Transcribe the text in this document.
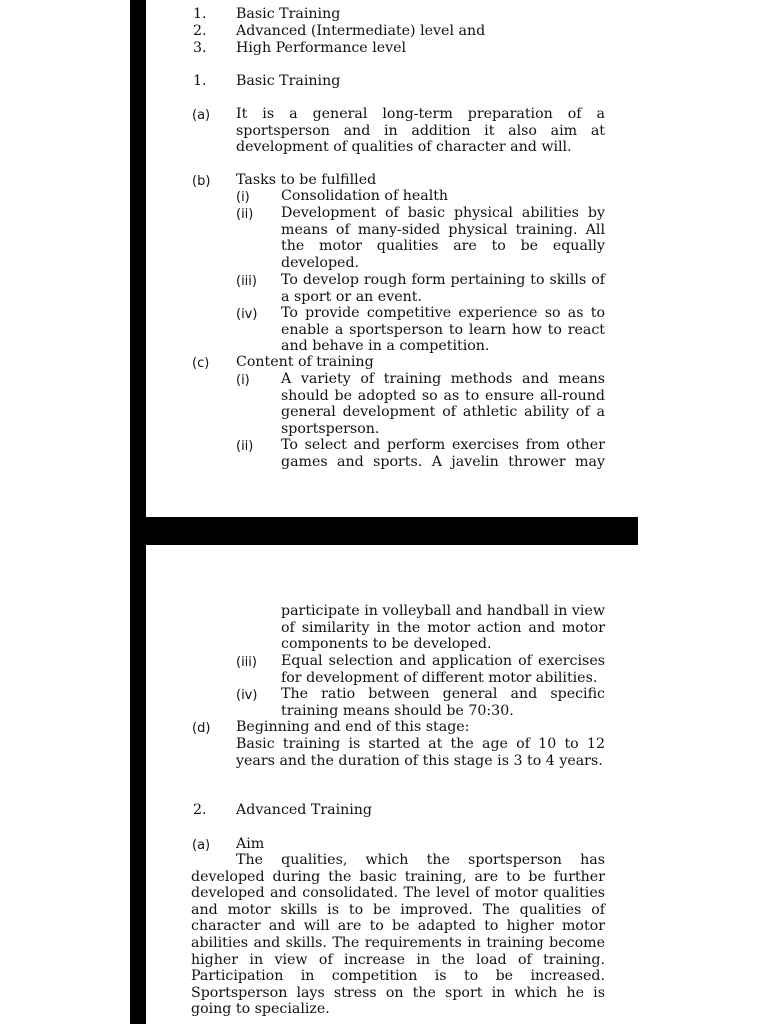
1. Basic Training
2. Advanced (Intermediate) level and
3. High Performance level
1. Basic Training
(a) It is a general long-term preparation of a sportsperson and in addition it also aim at development of qualities of character and will.
(b) Tasks to be fulfilled
(i) Consolidation of health
(ii) Development of basic physical abilities by means of many-sided physical training. All the motor qualities are to be equally developed.
(iii) To develop rough form pertaining to skills of a sport or an event.
(iv) To provide competitive experience so as to enable a sportsperson to learn how to react and behave in a competition.
(c) Content of training
(i) A variety of training methods and means should be adopted so as to ensure all-round general development of athletic ability of a sportsperson.
(ii) To select and perform exercises from other games and sports. A javelin thrower may
participate in volleyball and handball in view of similarity in the motor action and motor components to be developed.
(iii) Equal selection and application of exercises for development of different motor abilities.
(iv) The ratio between general and specific training means should be 70:30.
(d) Beginning and end of this stage:
Basic training is started at the age of 10 to 12 years and the duration of this stage is 3 to 4 years.
2. Advanced Training
(a) Aim
The qualities, which the sportsperson has developed during the basic training, are to be further developed and consolidated. The level of motor qualities and motor skills is to be improved. The qualities of character and will are to be adapted to higher motor abilities and skills. The requirements in training become higher in view of increase in the load of training. Participation in competition is to be increased. Sportsperson lays stress on the sport in which he is going to specialize.
